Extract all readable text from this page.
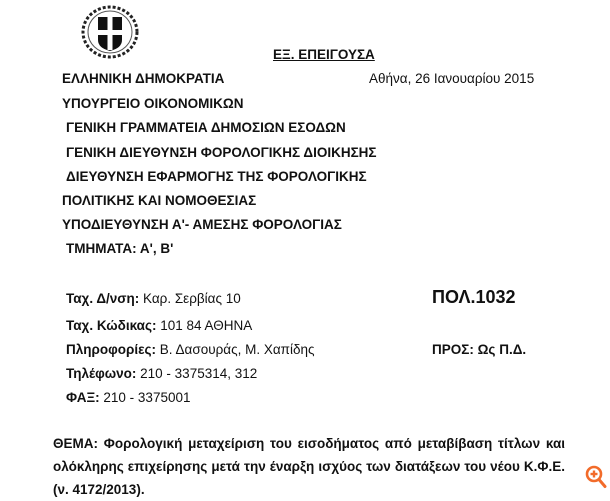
ΕΞ. ΕΠΕΙΓΟΥΣΑ
ΕΛΛΗΝΙΚΗ ΔΗΜΟΚΡΑΤΙΑ	Αθήνα, 26 Ιανουαρίου 2015
ΥΠΟΥΡΓΕΙΟ ΟΙΚΟΝΟΜΙΚΩΝ
ΓΕΝΙΚΗ ΓΡΑΜΜΑΤΕΙΑ ΔΗΜΟΣΙΩΝ ΕΣΟΔΩΝ
ΓΕΝΙΚΗ ΔΙΕΥΘΥΝΣΗ ΦΟΡΟΛΟΓΙΚΗΣ ΔΙΟΙΚΗΣΗΣ
ΔΙΕΥΘΥΝΣΗ ΕΦΑΡΜΟΓΗΣ ΤΗΣ ΦΟΡΟΛΟΓΙΚΗΣ
ΠΟΛΙΤΙΚΗΣ ΚΑΙ ΝΟΜΟΘΕΣΙΑΣ
ΥΠΟΔΙΕΥΘΥΝΣΗ Α'- ΑΜΕΣΗΣ ΦΟΡΟΛΟΓΙΑΣ
ΤΜΗΜΑΤΑ: Α', Β'
Ταχ. Δ/νση: Καρ. Σερβίας 10
Ταχ. Κώδικας: 101 84 ΑΘΗΝΑ
Πληροφορίες: Β. Δασουράς, Μ. Χαπίδης
Τηλέφωνο: 210 - 3375314, 312
ΦΑΞ: 210 - 3375001
ΠΟΛ.1032
ΠΡΟΣ: Ως Π.Δ.
ΘΕΜΑ: Φορολογική μεταχείριση του εισοδήματος από μεταβίβαση τίτλων και ολόκληρης επιχείρησης μετά την έναρξη ισχύος των διατάξεων του νέου Κ.Φ.Ε. (ν. 4172/2013).
